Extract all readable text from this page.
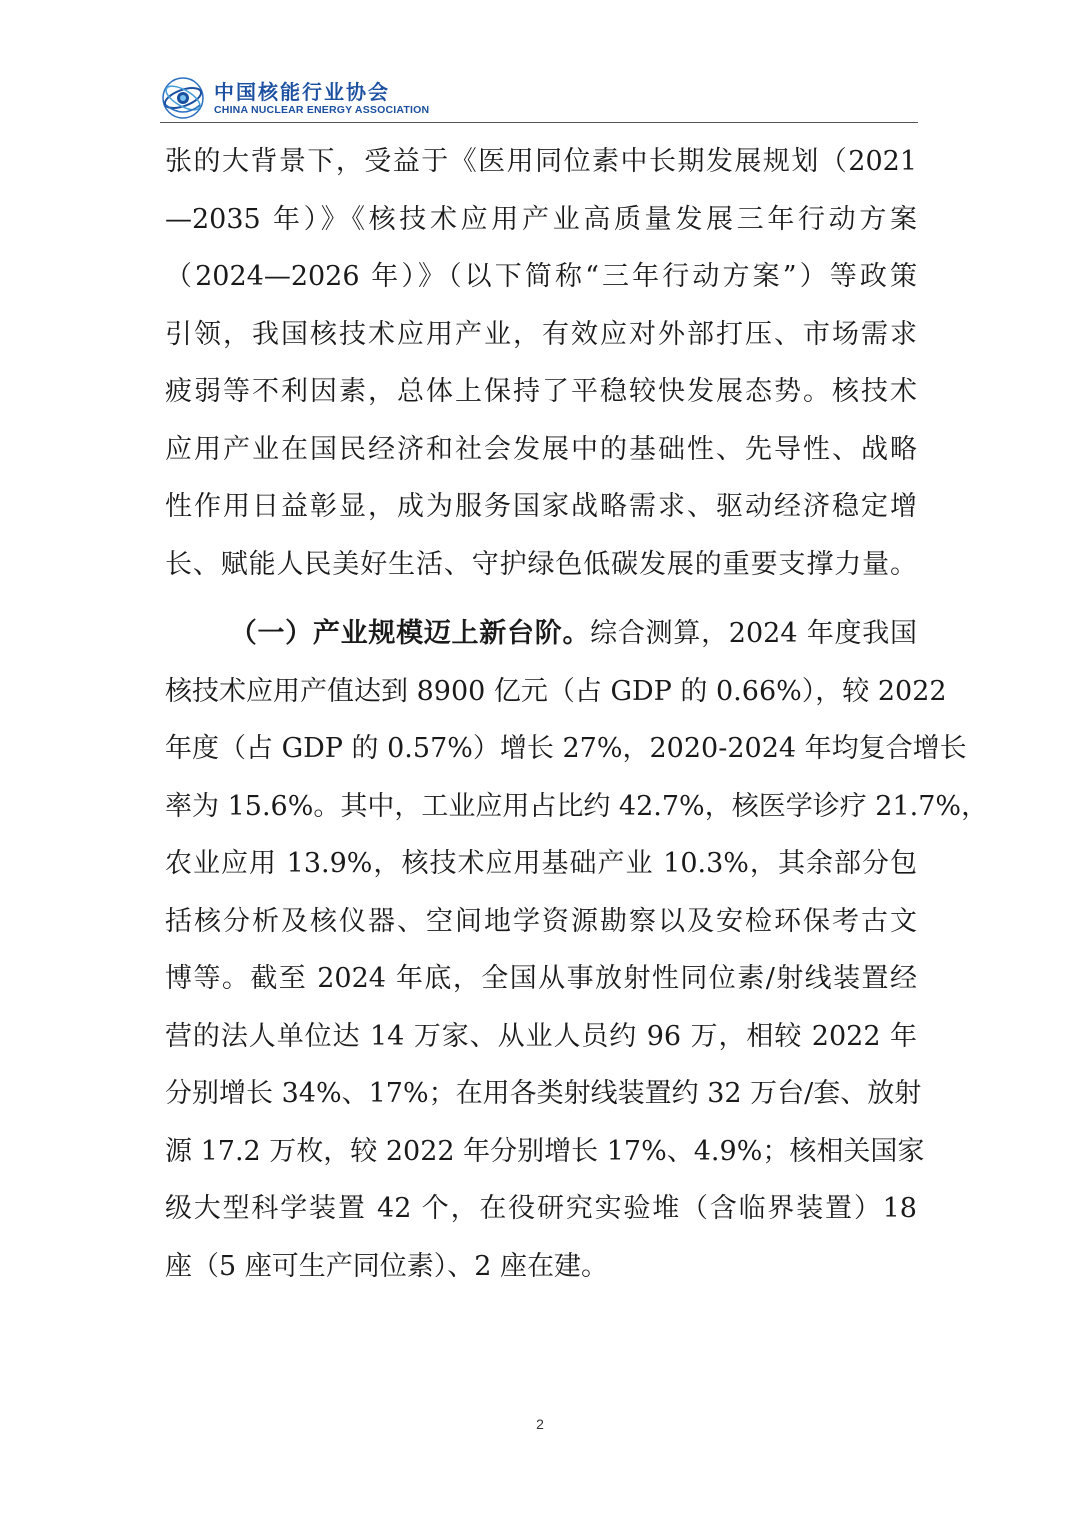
中国核能行业协会
CHINA NUCLEAR ENERGY ASSOCIATION
张的大背景下，受益于《医用同位素中长期发展规划（2021
—2035 年）》《核技术应用产业高质量发展三年行动方案
（2024—2026 年）》（以下简称“三年行动方案”）等政策
引领，我国核技术应用产业，有效应对外部打压、市场需求
疲弱等不利因素，总体上保持了平稳较快发展态势。核技术
应用产业在国民经济和社会发展中的基础性、先导性、战略
性作用日益彰显，成为服务国家战略需求、驱动经济稳定增
长、赋能人民美好生活、守护绿色低碳发展的重要支撑力量。
（一）产业规模迈上新台阶。综合测算，2024 年度我国
核技术应用产值达到 8900 亿元（占 GDP 的 0.66%），较 2022
年度（占 GDP 的 0.57%）增长 27%，2020-2024 年均复合增长
率为 15.6%。其中，工业应用占比约 42.7%，核医学诊疗 21.7%，
农业应用 13.9%，核技术应用基础产业 10.3%，其余部分包
括核分析及核仪器、空间地学资源勘察以及安检环保考古文
博等。截至 2024 年底，全国从事放射性同位素/射线装置经
营的法人单位达 14 万家、从业人员约 96 万，相较 2022 年
分别增长 34%、17%；在用各类射线装置约 32 万台/套、放射
源 17.2 万枚，较 2022 年分别增长 17%、4.9%；核相关国家
级大型科学装置 42 个，在役研究实验堆（含临界装置）18
座（5 座可生产同位素）、2 座在建。
2
